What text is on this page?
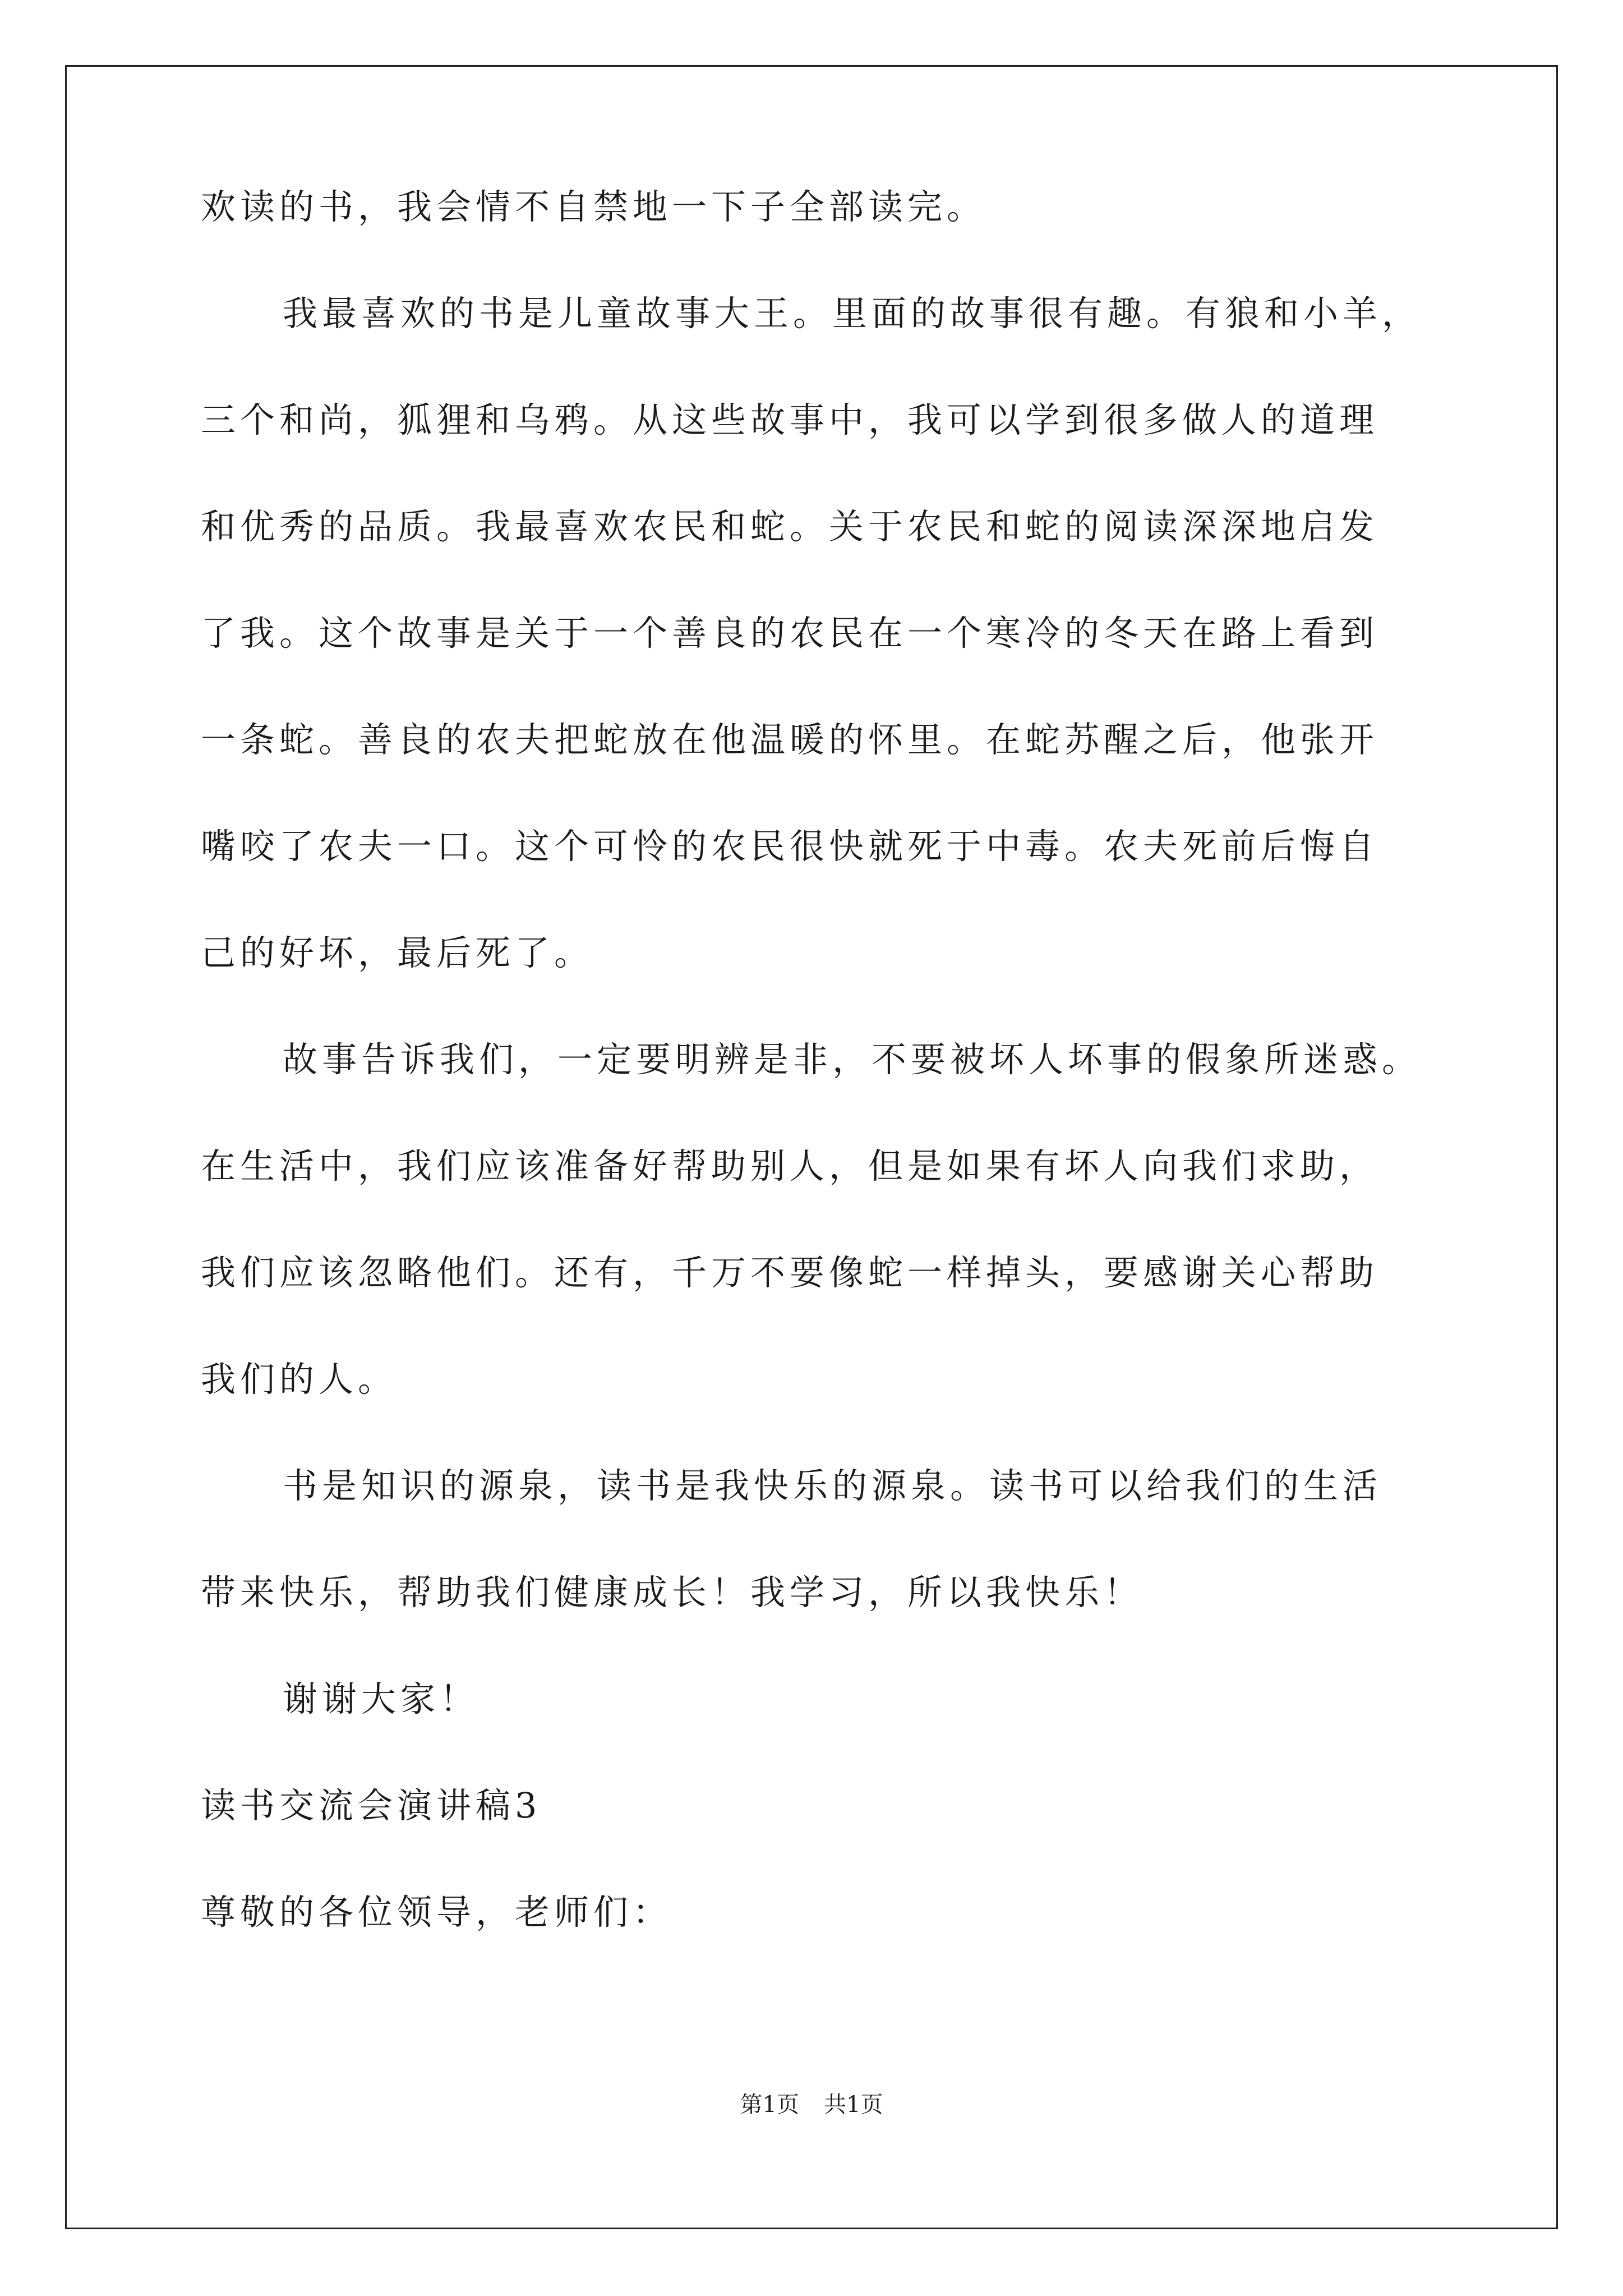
欢读的书，我会情不自禁地一下子全部读完。
我最喜欢的书是儿童故事大王。里面的故事很有趣。有狼和小羊，
三个和尚，狐狸和乌鸦。从这些故事中，我可以学到很多做人的道理
和优秀的品质。我最喜欢农民和蛇。关于农民和蛇的阅读深深地启发
了我。这个故事是关于一个善良的农民在一个寒冷的冬天在路上看到
一条蛇。善良的农夫把蛇放在他温暖的怀里。在蛇苏醒之后，他张开
嘴咬了农夫一口。这个可怜的农民很快就死于中毒。农夫死前后悔自
己的好坏，最后死了。
故事告诉我们，一定要明辨是非，不要被坏人坏事的假象所迷惑。
在生活中，我们应该准备好帮助别人，但是如果有坏人向我们求助，
我们应该忽略他们。还有，千万不要像蛇一样掉头，要感谢关心帮助
我们的人。
书是知识的源泉，读书是我快乐的源泉。读书可以给我们的生活
带来快乐，帮助我们健康成长！我学习，所以我快乐！
谢谢大家！
读书交流会演讲稿3
尊敬的各位领导，老师们：
第1页 共1页
